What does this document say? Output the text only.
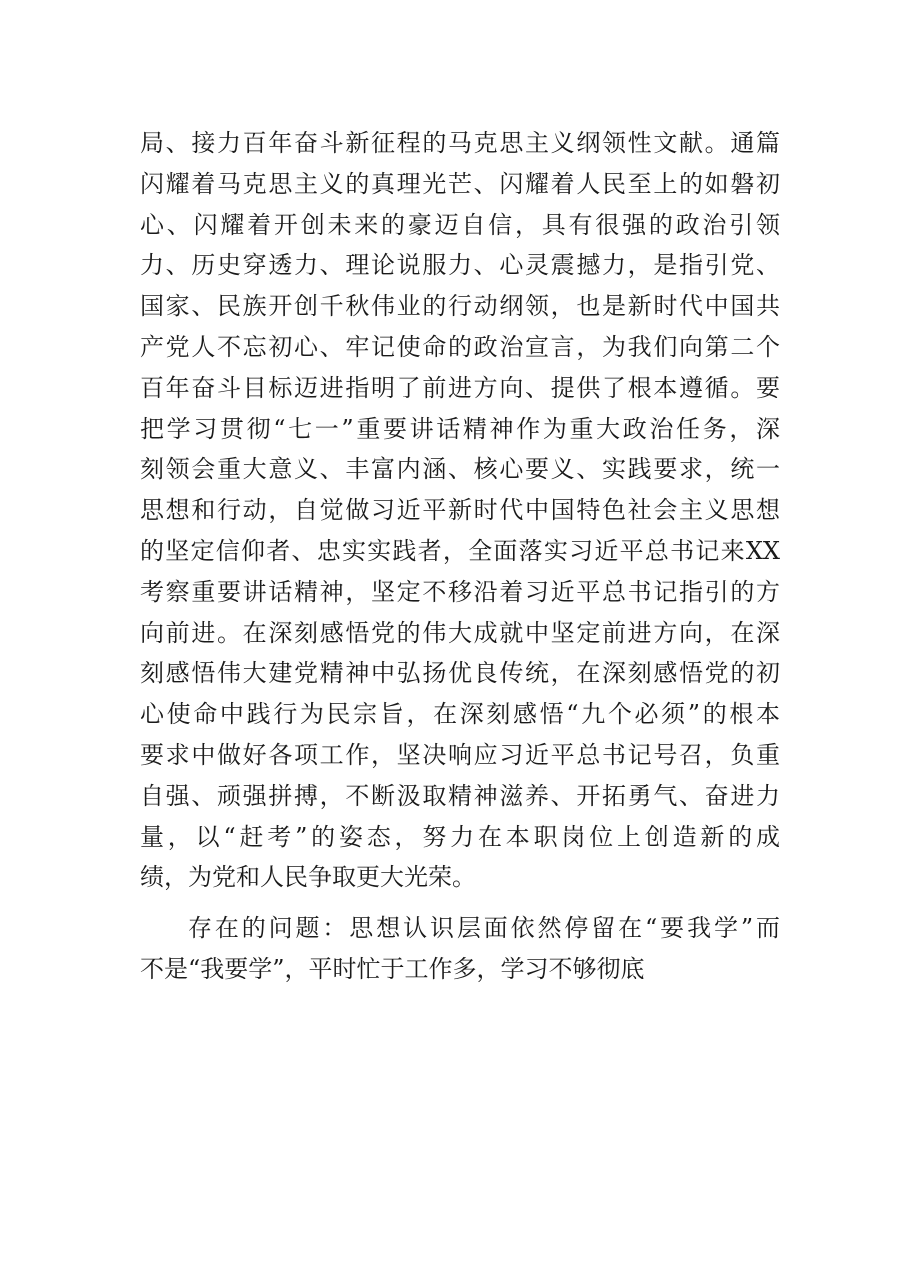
局、接力百年奋斗新征程的马克思主义纲领性文献。通篇
闪耀着马克思主义的真理光芒、闪耀着人民至上的如磐初
心、闪耀着开创未来的豪迈自信，具有很强的政治引领
力、历史穿透力、理论说服力、心灵震撼力，是指引党、
国家、民族开创千秋伟业的行动纲领，也是新时代中国共
产党人不忘初心、牢记使命的政治宣言，为我们向第二个
百年奋斗目标迈进指明了前进方向、提供了根本遵循。要
把学习贯彻“七一”重要讲话精神作为重大政治任务，深
刻领会重大意义、丰富内涵、核心要义、实践要求，统一
思想和行动，自觉做习近平新时代中国特色社会主义思想
的坚定信仰者、忠实实践者，全面落实习近平总书记来XX
考察重要讲话精神，坚定不移沿着习近平总书记指引的方
向前进。在深刻感悟党的伟大成就中坚定前进方向，在深
刻感悟伟大建党精神中弘扬优良传统，在深刻感悟党的初
心使命中践行为民宗旨，在深刻感悟“九个必须”的根本
要求中做好各项工作，坚决响应习近平总书记号召，负重
自强、顽强拼搏，不断汲取精神滋养、开拓勇气、奋进力
量，以“赶考”的姿态，努力在本职岗位上创造新的成
绩，为党和人民争取更大光荣。
存在的问题：思想认识层面依然停留在“要我学”而
不是“我要学”，平时忙于工作多，学习不够彻底
